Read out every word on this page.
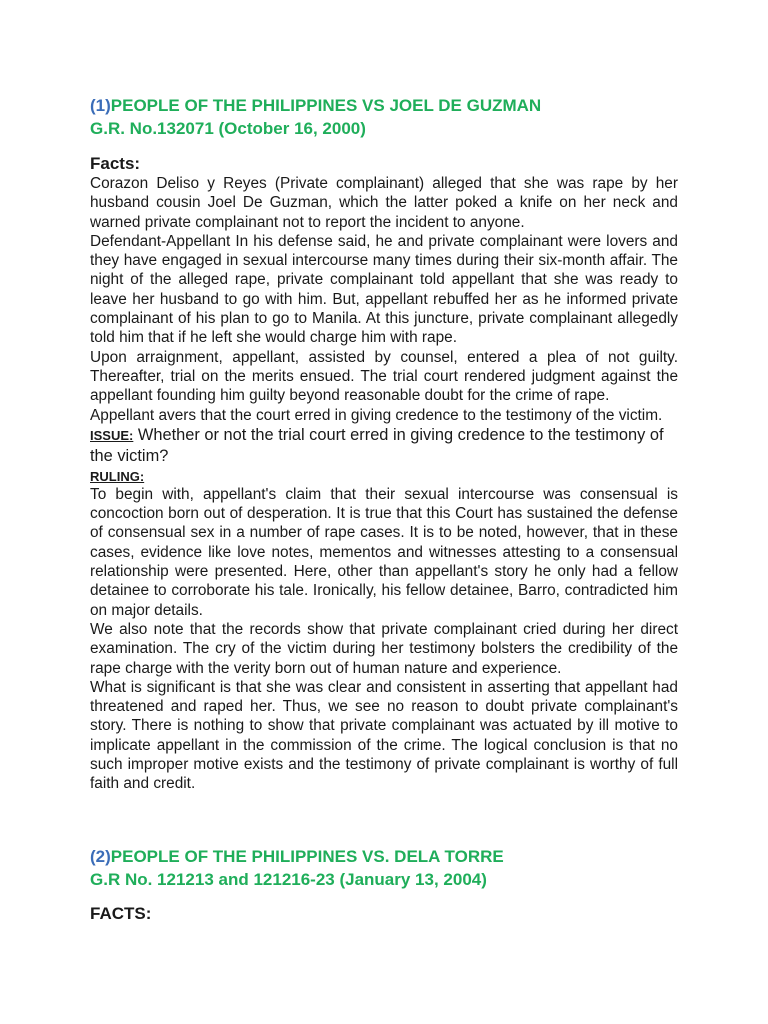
(1)PEOPLE OF THE PHILIPPINES VS JOEL DE GUZMAN

G.R. No.132071 (October 16, 2000)

Facts:

Corazon Deliso y Reyes (Private complainant) alleged that she was rape by her husband cousin Joel De Guzman, which the latter poked a knife on her neck and warned private complainant not to report the incident to anyone.

Defendant-Appellant In his defense said, he and private complainant were lovers and they have engaged in sexual intercourse many times during their six-month affair. The night of the alleged rape, private complainant told appellant that she was ready to leave her husband to go with him. But, appellant rebuffed her as he informed private complainant of his plan to go to Manila. At this juncture, private complainant allegedly told him that if he left she would charge him with rape.

Upon arraignment, appellant, assisted by counsel, entered a plea of not guilty. Thereafter, trial on the merits ensued. The trial court rendered judgment against the appellant founding him guilty beyond reasonable doubt for the crime of rape.

Appellant avers that the court erred in giving credence to the testimony of the victim.

ISSUE: Whether or not the trial court erred in giving credence to the testimony of the victim?

RULING:

To begin with, appellant's claim that their sexual intercourse was consensual is concoction born out of desperation. It is true that this Court has sustained the defense of consensual sex in a number of rape cases. It is to be noted, however, that in these cases, evidence like love notes, mementos and witnesses attesting to a consensual relationship were presented. Here, other than appellant's story he only had a fellow detainee to corroborate his tale. Ironically, his fellow detainee, Barro, contradicted him on major details.

We also note that the records show that private complainant cried during her direct examination. The cry of the victim during her testimony bolsters the credibility of the rape charge with the verity born out of human nature and experience.

What is significant is that she was clear and consistent in asserting that appellant had threatened and raped her. Thus, we see no reason to doubt private complainant's story. There is nothing to show that private complainant was actuated by ill motive to implicate appellant in the commission of the crime. The logical conclusion is that no such improper motive exists and the testimony of private complainant is worthy of full faith and credit.

(2)PEOPLE OF THE PHILIPPINES VS. DELA TORRE

G.R No. 121213 and 121216-23 (January 13, 2004)

FACTS:
